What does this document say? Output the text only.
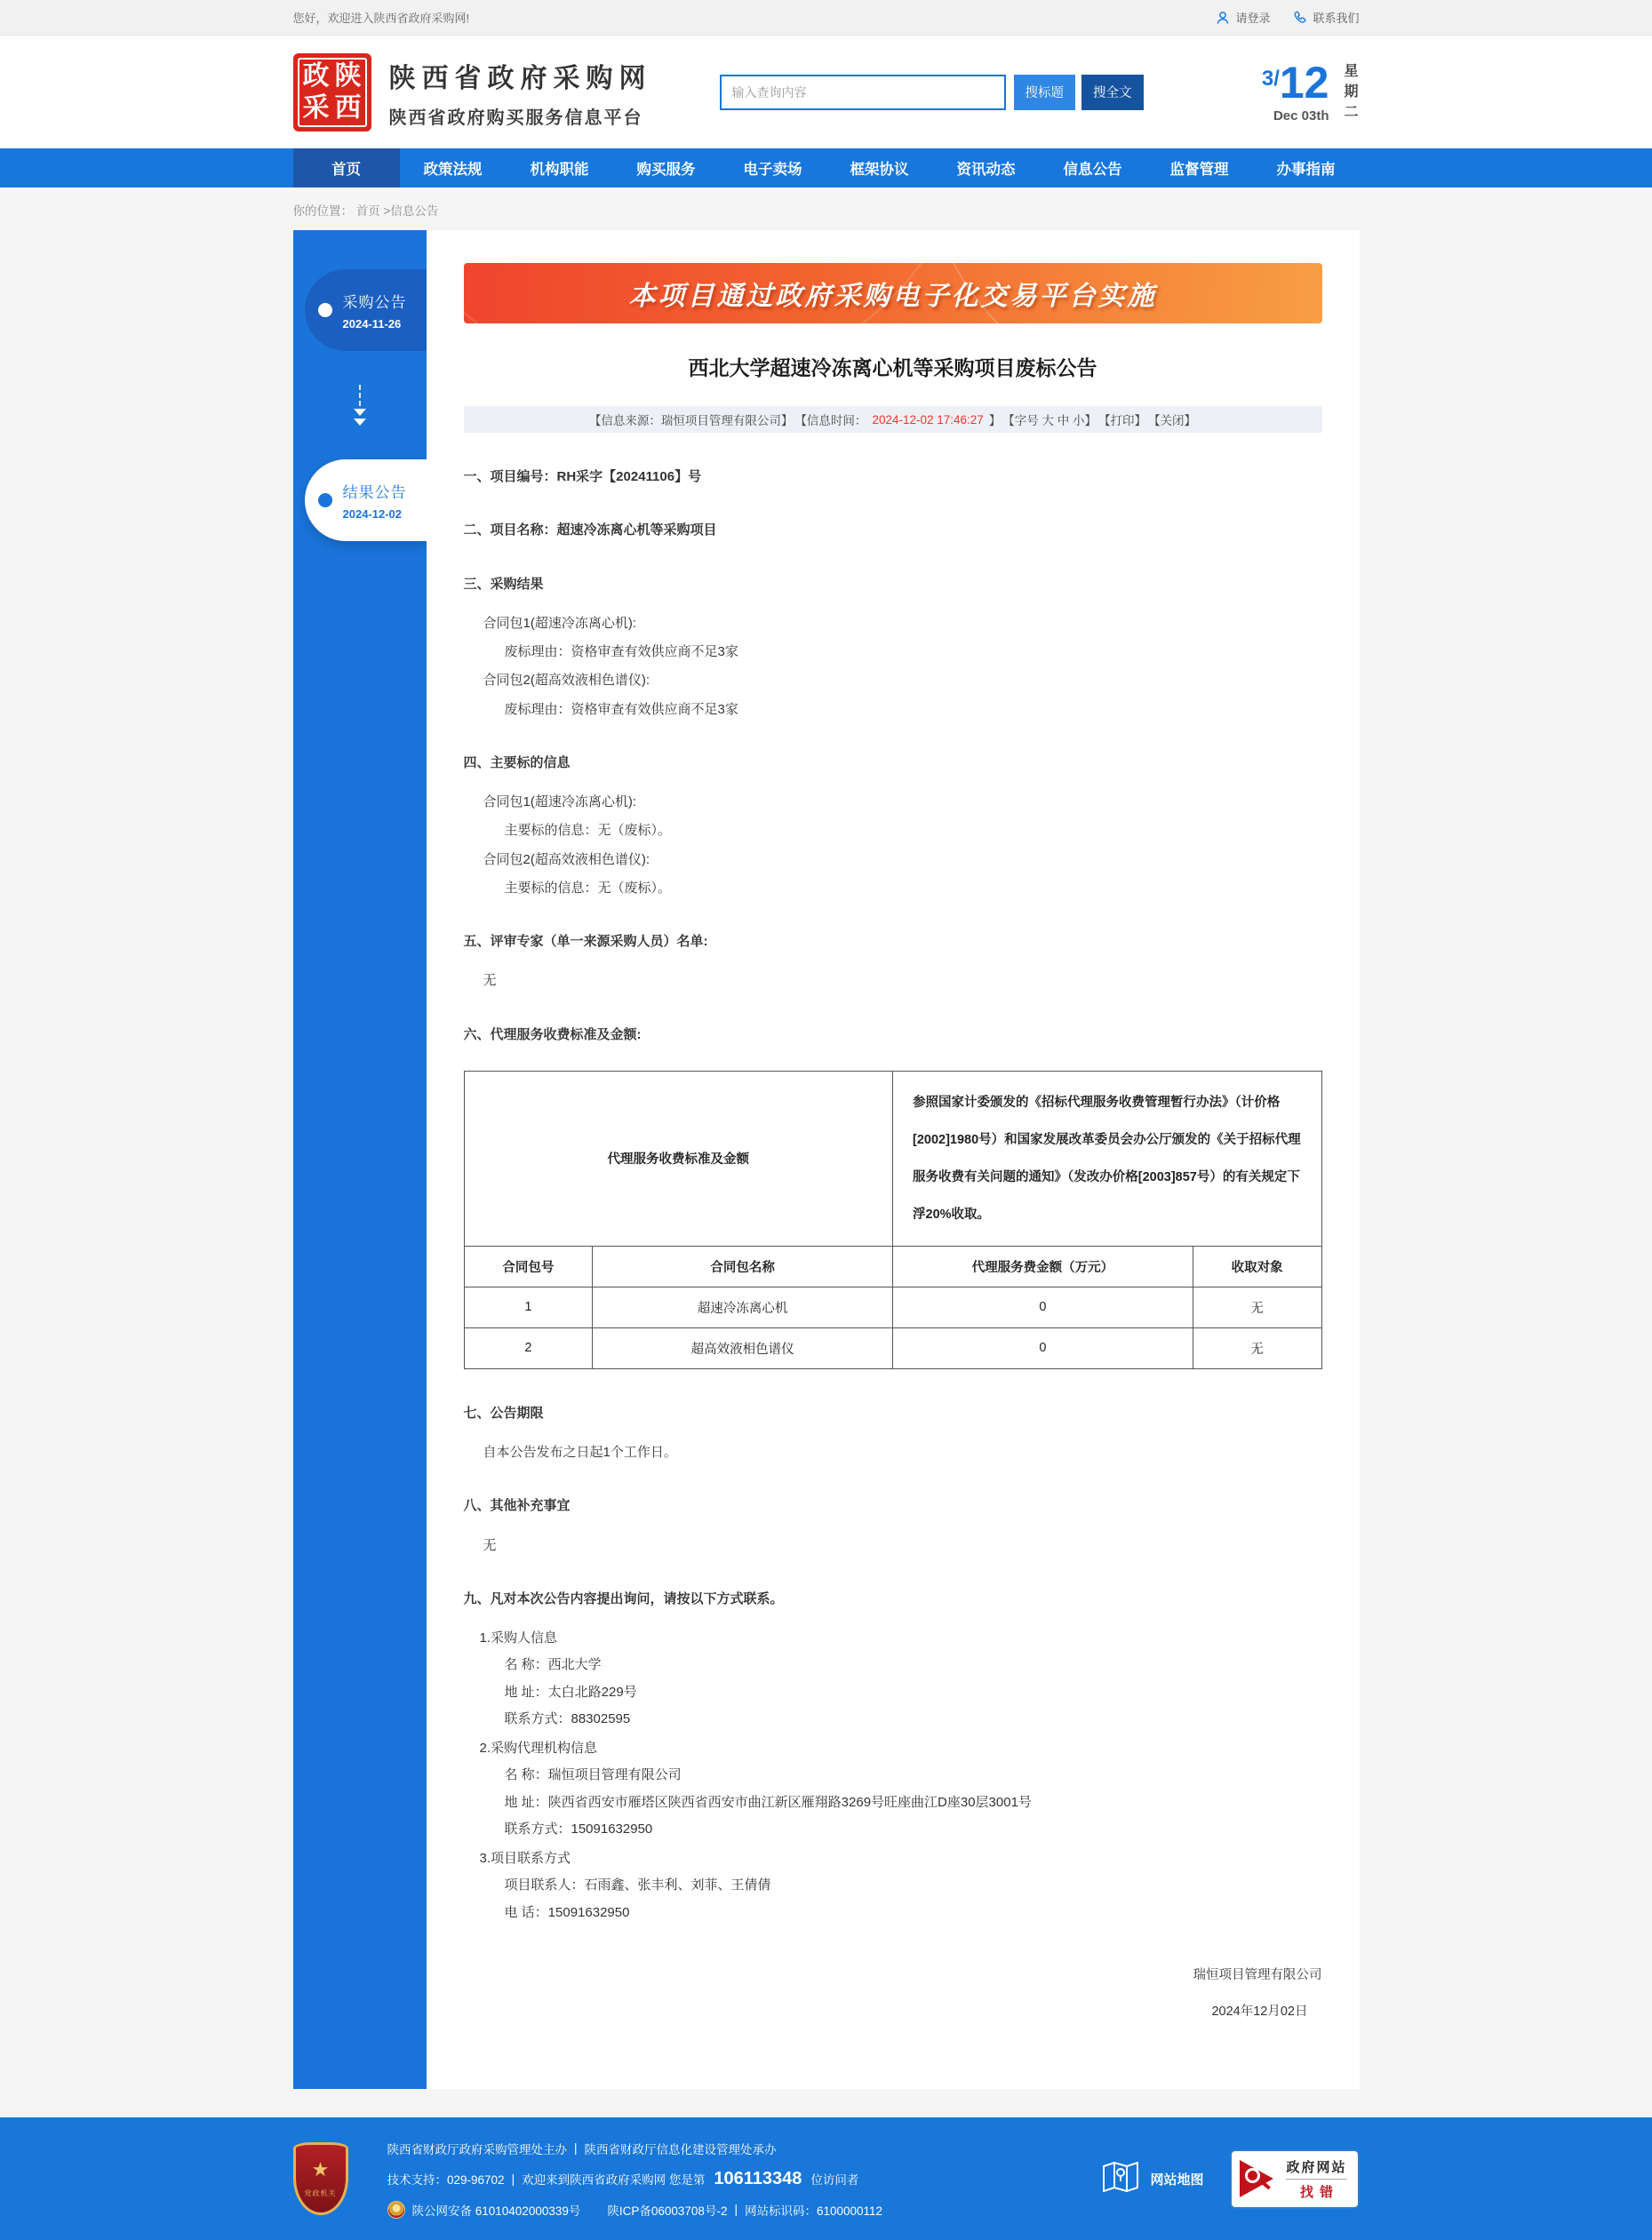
您好，欢迎进入陕西省政府采购网!	请登录	联系我们
政 陕
采 西
陕西省政府采购网
陕西省政府购买服务信息平台
输入查询内容
搜标题	搜全文
3/12
Dec 03th
星期二
首页	政策法规	机构职能	购买服务	电子卖场	框架协议	资讯动态	信息公告	监督管理	办事指南
你的位置： 首页 >信息公告
采购公告
2024-11-26
结果公告
2024-12-02
本项目通过政府采购电子化交易平台实施
西北大学超速冷冻离心机等采购项目废标公告
【信息来源：瑞恒项目管理有限公司】 【信息时间： 2024-12-02 17:46:27 】 【字号 大 中 小】 【打印】 【关闭】
一、项目编号：RH采字【20241106】号
二、项目名称：超速冷冻离心机等采购项目
三、采购结果
合同包1(超速冷冻离心机):
废标理由：资格审查有效供应商不足3家
合同包2(超高效液相色谱仪):
废标理由：资格审查有效供应商不足3家
四、主要标的信息
合同包1(超速冷冻离心机):
主要标的信息：无（废标）。
合同包2(超高效液相色谱仪):
主要标的信息：无（废标）。
五、评审专家（单一来源采购人员）名单:
无
六、代理服务收费标准及金额:
代理服务收费标准及金额		参照国家计委颁发的《招标代理服务收费管理暂行办法》（计价格[2002]1980号）和国家发展改革委员会办公厅颁发的《关于招标代理服务收费有关问题的通知》（发改办价格[2003]857号）的有关规定下浮20%收取。	
合同包号	合同包名称	代理服务费金额（万元）	收取对象
1	超速冷冻离心机	0	无
2	超高效液相色谱仪	0	无
七、公告期限
自本公告发布之日起1个工作日。
八、其他补充事宜
无
九、凡对本次公告内容提出询问，请按以下方式联系。
1.采购人信息
名 称：西北大学
地 址：太白北路229号
联系方式：88302595
2.采购代理机构信息
名 称：瑞恒项目管理有限公司
地 址：陕西省西安市雁塔区陕西省西安市曲江新区雁翔路3269号旺座曲江D座30层3001号
联系方式：15091632950
3.项目联系方式
项目联系人：石雨鑫、张丰利、刘菲、王倩倩
电 话：15091632950
瑞恒项目管理有限公司
2024年12月02日
★
党政机关
陕西省财政厅政府采购管理处主办 | 陕西省财政厅信息化建设管理处承办
技术支持：029-96702 | 欢迎来到陕西省政府采购网 您是第 106113348 位访问者
陕公网安备 61010402000339号 陕ICP备06003708号-2 | 网站标识码：6100000112
网站地图
政府网站
找错
